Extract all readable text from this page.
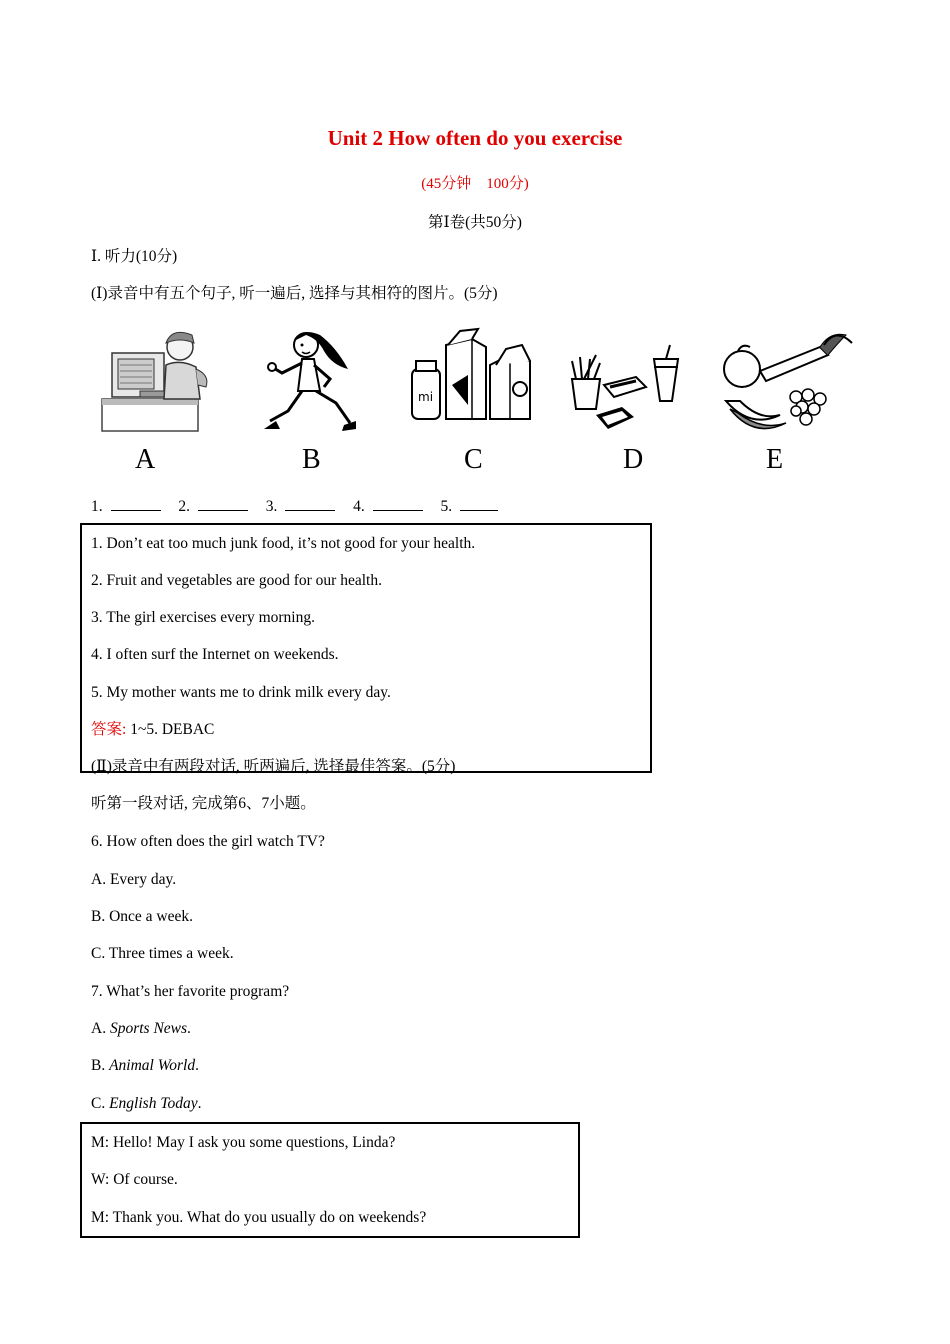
Unit 2 How often do you exercise
(45分钟　100分)
第Ⅰ卷(共50分)
Ⅰ. 听力(10分)
(Ⅰ)录音中有五个句子, 听一遍后, 选择与其相符的图片。(5分)
mi
A	B	C	D	E
1.	2.	3.	4.	5.
1. Don’t eat too much junk food, it’s not good for your health.
2. Fruit and vegetables are good for our health.
3. The girl exercises every morning.
4. I often surf the Internet on weekends.
5. My mother wants me to drink milk every day.
答案: 1~5. DEBAC
(Ⅱ)录音中有两段对话, 听两遍后, 选择最佳答案。(5分)
听第一段对话, 完成第6、7小题。
6. How often does the girl watch TV?
A. Every day.
B. Once a week.
C. Three times a week.
7. What’s her favorite program?
A. Sports News.
B. Animal World.
C. English Today.
M: Hello! May I ask you some questions, Linda?
W: Of course.
M: Thank you. What do you usually do on weekends?
